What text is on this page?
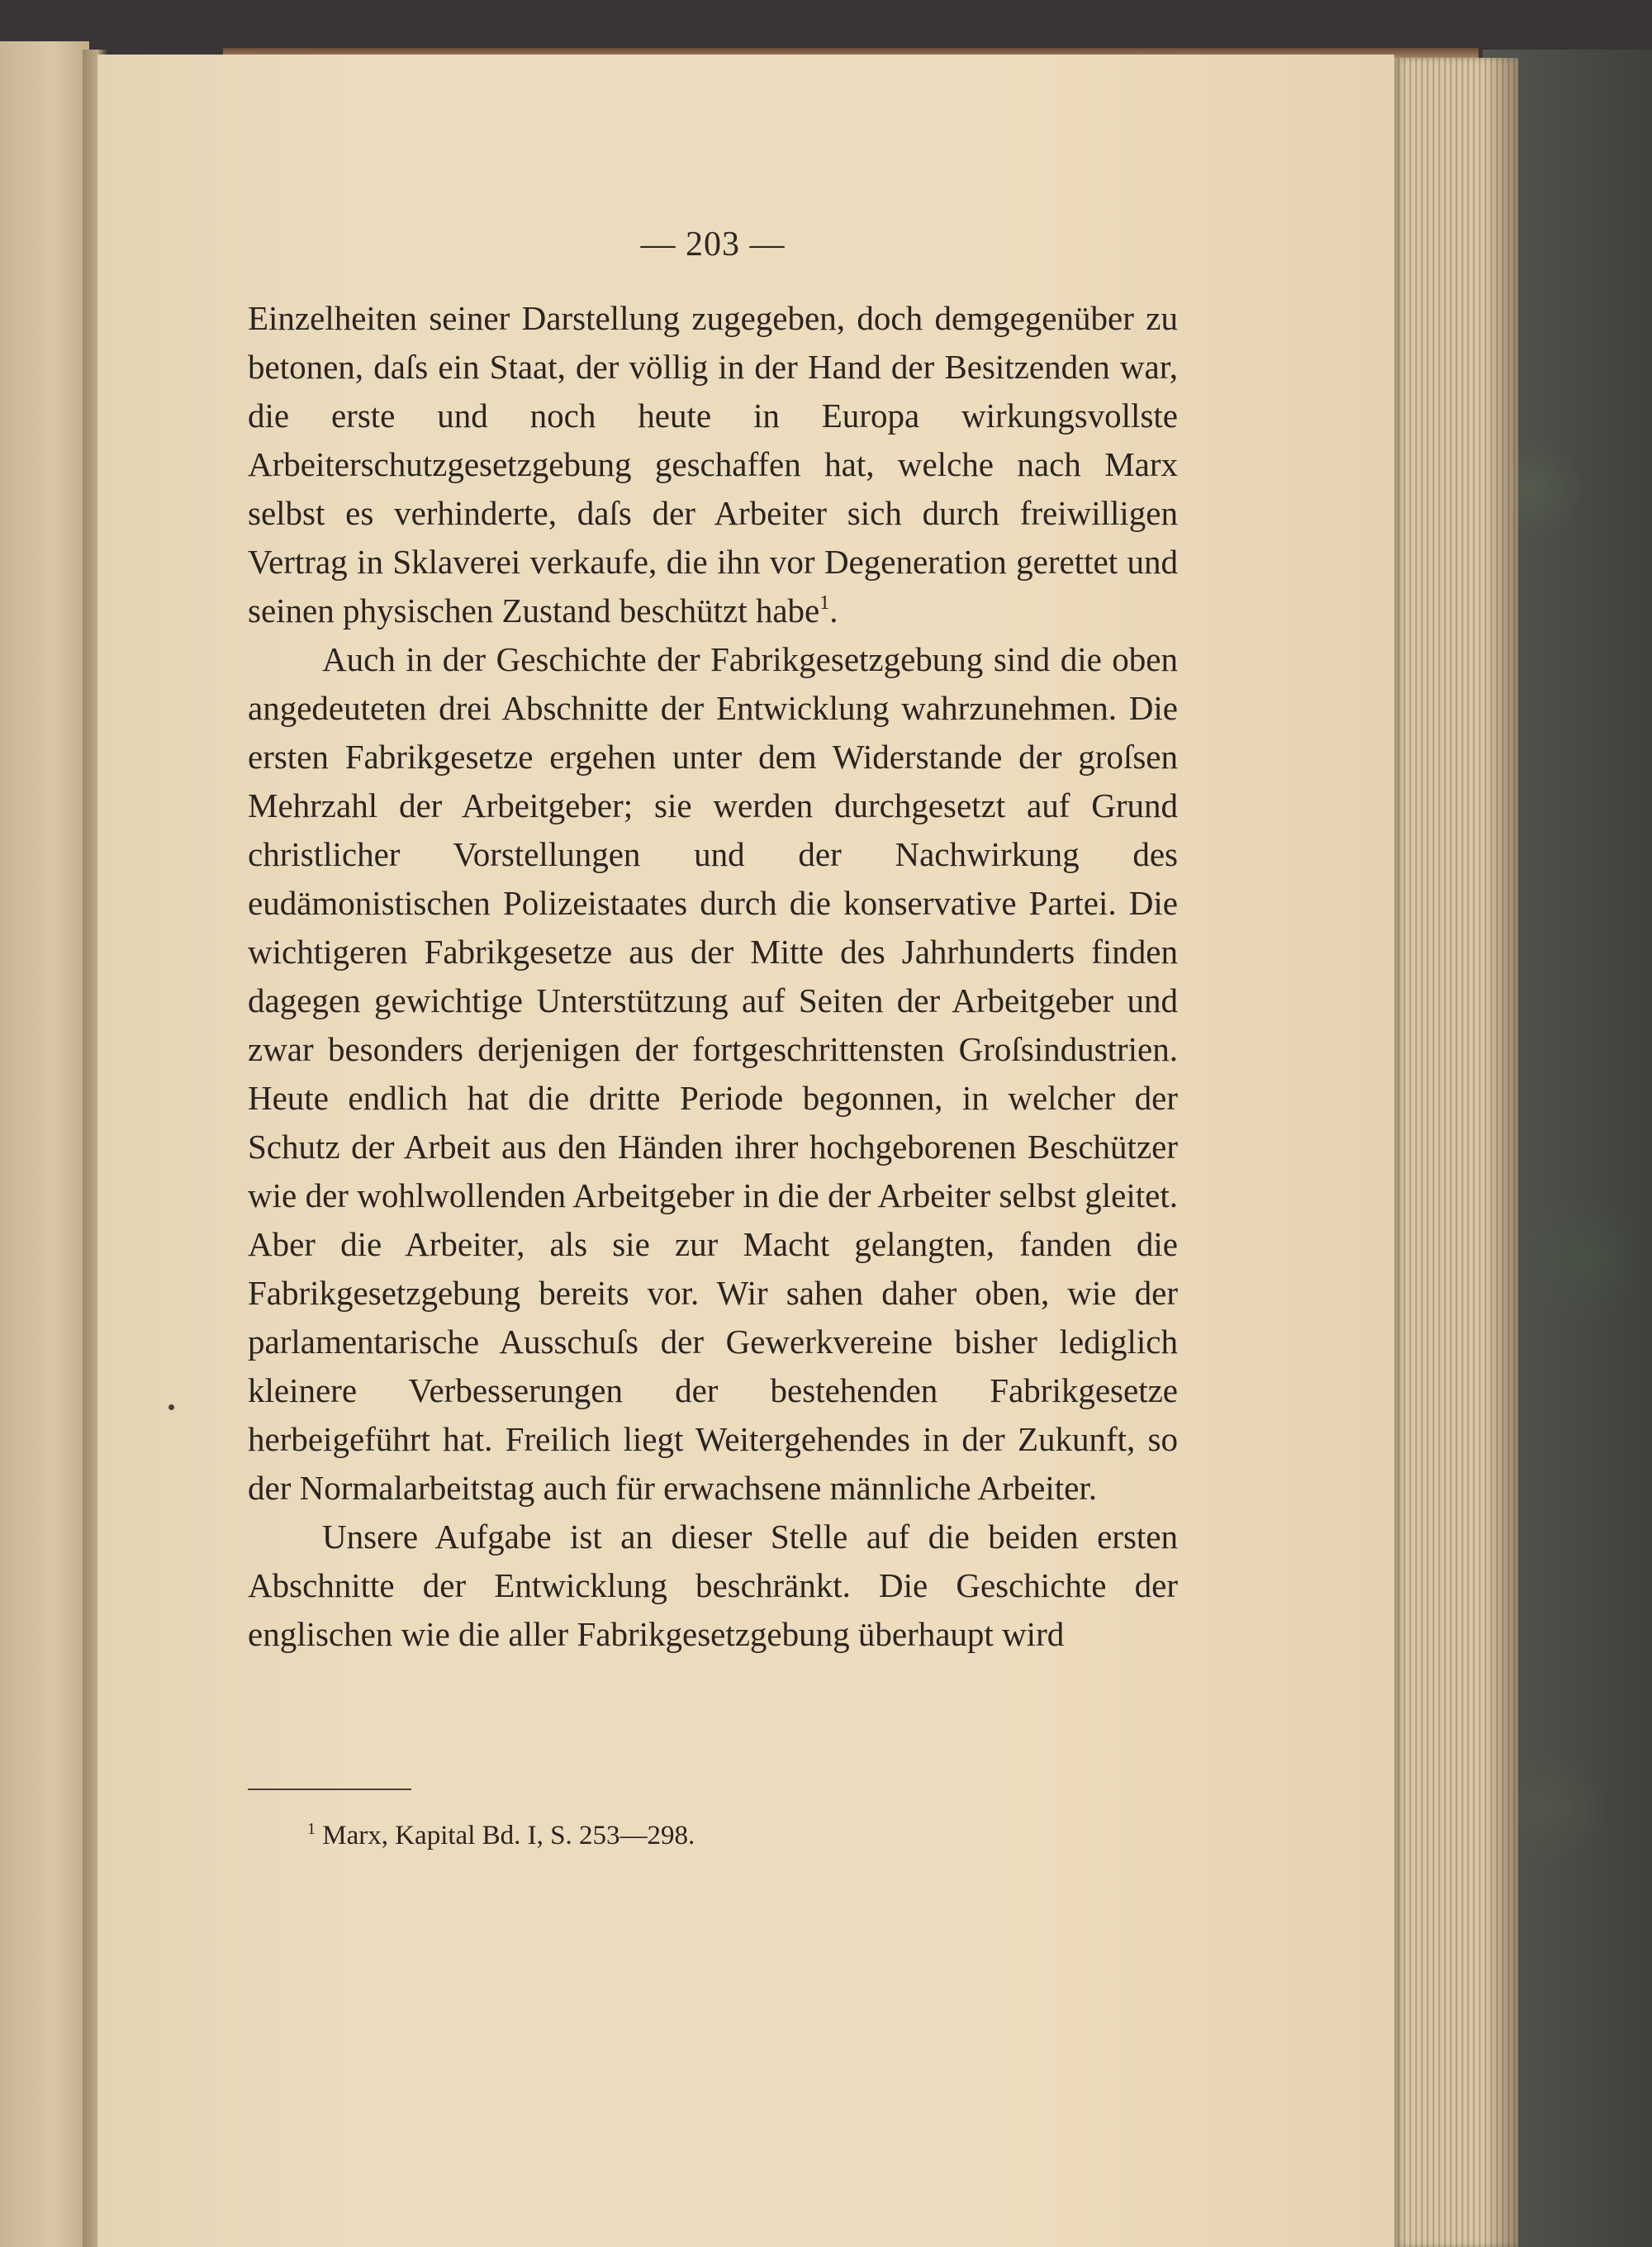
— 203 —

Einzelheiten seiner Darstellung zugegeben, doch demgegenüber zu betonen, daſs ein Staat, der völlig in der Hand der Besitzenden war, die erste und noch heute in Europa wirkungsvollste Arbeiterschutzgesetzgebung geschaffen hat, welche nach Marx selbst es verhinderte, daſs der Arbeiter sich durch freiwilligen Vertrag in Sklaverei verkaufe, die ihn vor Degeneration gerettet und seinen physischen Zustand beschützt habe$^1$.

Auch in der Geschichte der Fabrikgesetzgebung sind die oben angedeuteten drei Abschnitte der Entwicklung wahrzunehmen. Die ersten Fabrikgesetze ergehen unter dem Widerstande der groſsen Mehrzahl der Arbeitgeber; sie werden durchgesetzt auf Grund christlicher Vorstellungen und der Nachwirkung des eudämonistischen Polizeistaates durch die konservative Partei. Die wichtigeren Fabrikgesetze aus der Mitte des Jahrhunderts finden dagegen gewichtige Unterstützung auf Seiten der Arbeitgeber und zwar besonders derjenigen der fortgeschrittensten Groſsindustrien. Heute endlich hat die dritte Periode begonnen, in welcher der Schutz der Arbeit aus den Händen ihrer hochgeborenen Beschützer wie der wohlwollenden Arbeitgeber in die der Arbeiter selbst gleitet. Aber die Arbeiter, als sie zur Macht gelangten, fanden die Fabrikgesetzgebung bereits vor. Wir sahen daher oben, wie der parlamentarische Ausschuſs der Gewerkvereine bisher lediglich kleinere Verbesserungen der bestehenden Fabrikgesetze herbeigeführt hat. Freilich liegt Weitergehendes in der Zukunft, so der Normalarbeitstag auch für erwachsene männliche Arbeiter.

Unsere Aufgabe ist an dieser Stelle auf die beiden ersten Abschnitte der Entwicklung beschränkt. Die Geschichte der englischen wie die aller Fabrikgesetzgebung überhaupt wird

$^1$ Marx, Kapital Bd. I, S. 253—298.
